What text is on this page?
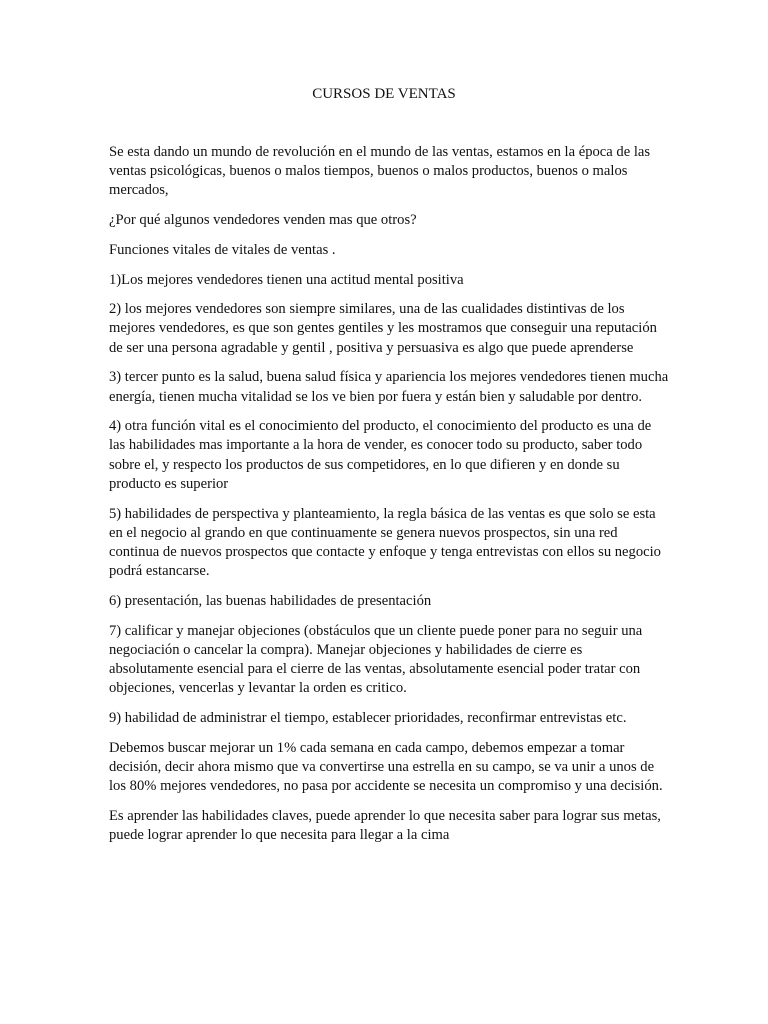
CURSOS DE VENTAS

Se esta dando un mundo de revolución en el mundo de las ventas, estamos en la época de las ventas psicológicas, buenos o malos tiempos, buenos o malos productos, buenos o malos mercados,

¿Por qué algunos vendedores venden mas que otros?

Funciones vitales de vitales de ventas .

1)Los mejores vendedores tienen una actitud mental positiva

2) los mejores vendedores son siempre similares, una de las cualidades distintivas de los mejores vendedores, es que son gentes gentiles y les mostramos que conseguir una reputación de ser una persona agradable y gentil , positiva y persuasiva es algo que puede aprenderse

3) tercer punto es la salud, buena salud física y apariencia los mejores vendedores tienen mucha energía, tienen mucha vitalidad se los ve bien por fuera y están bien y saludable por dentro.

4) otra función vital es el conocimiento del producto, el conocimiento del producto es una de las habilidades mas importante a la hora de vender, es conocer todo su producto, saber todo sobre el, y respecto los productos de sus competidores, en lo que difieren y en donde su producto es superior

5) habilidades de perspectiva y planteamiento, la regla básica de las ventas es que solo se esta en el negocio al grando en que continuamente se genera nuevos prospectos, sin una red continua de nuevos prospectos que contacte y enfoque y tenga entrevistas con ellos su negocio podrá estancarse.

6) presentación, las buenas habilidades de presentación

7) calificar y manejar objeciones (obstáculos que un cliente puede poner para no seguir una negociación o cancelar la compra). Manejar objeciones y habilidades de cierre es absolutamente esencial para el cierre de las ventas, absolutamente esencial poder tratar con objeciones, vencerlas y levantar la orden es critico.

9) habilidad de administrar el tiempo, establecer prioridades, reconfirmar entrevistas etc.

Debemos buscar mejorar un 1% cada semana en cada campo, debemos empezar a tomar decisión, decir ahora mismo que va convertirse una estrella en su campo, se va unir a unos de los 80% mejores vendedores, no pasa por accidente se necesita un compromiso y una decisión.

Es aprender las habilidades claves, puede aprender lo que necesita saber para lograr sus metas, puede lograr aprender lo que necesita para llegar a la cima
